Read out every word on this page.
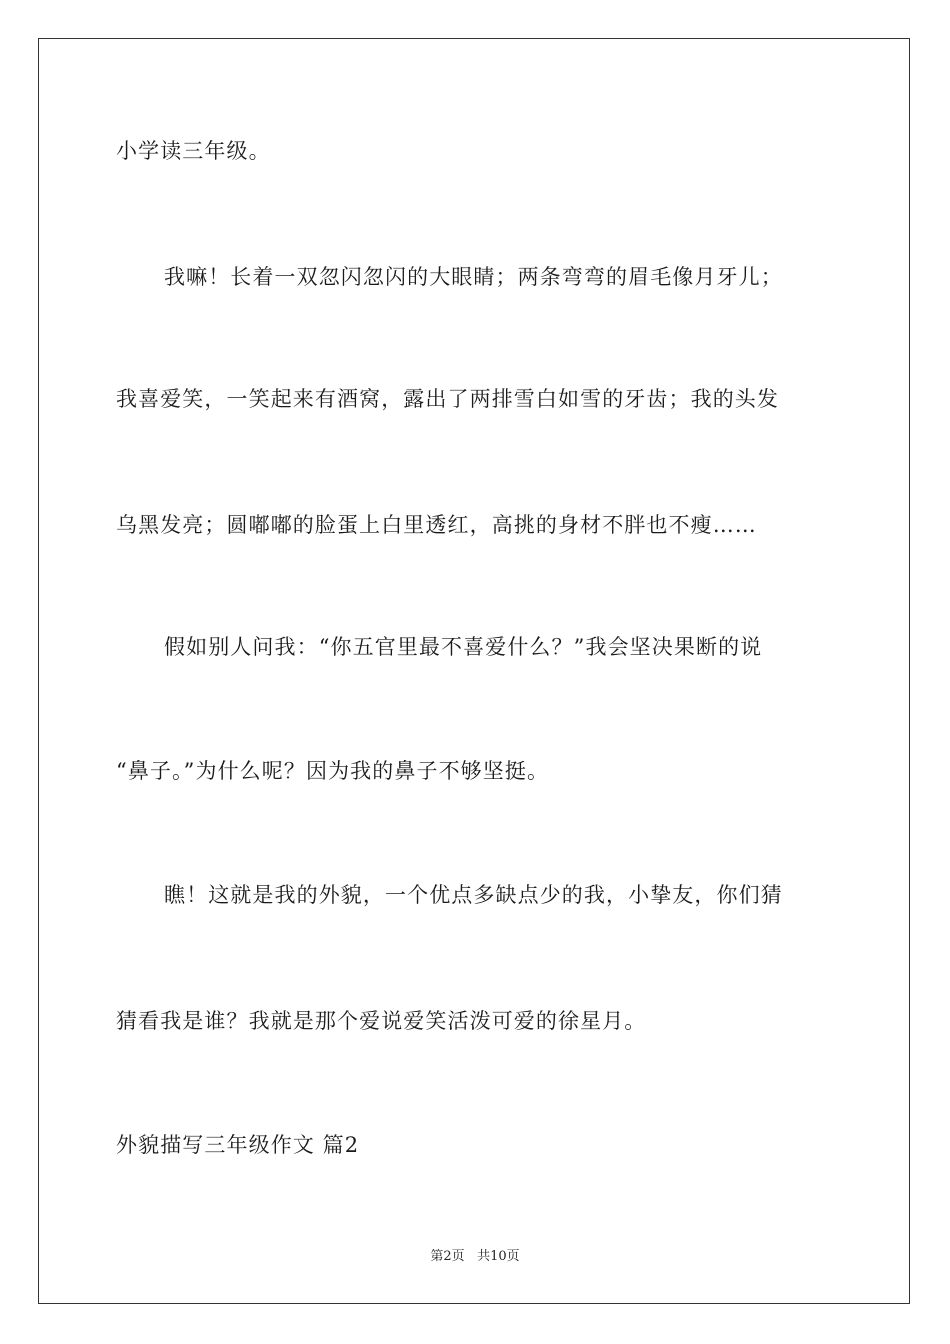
小学读三年级。
我嘛！长着一双忽闪忽闪的大眼睛；两条弯弯的眉毛像月牙儿；
我喜爱笑，一笑起来有酒窝，露出了两排雪白如雪的牙齿；我的头发
乌黑发亮；圆嘟嘟的脸蛋上白里透红，高挑的身材不胖也不瘦……
假如别人问我：“你五官里最不喜爱什么？”我会坚决果断的说
“鼻子。”为什么呢？因为我的鼻子不够坚挺。
瞧！这就是我的外貌，一个优点多缺点少的我，小挚友，你们猜
猜看我是谁？我就是那个爱说爱笑活泼可爱的徐星月。
外貌描写三年级作文 篇2
第2页 共10页
